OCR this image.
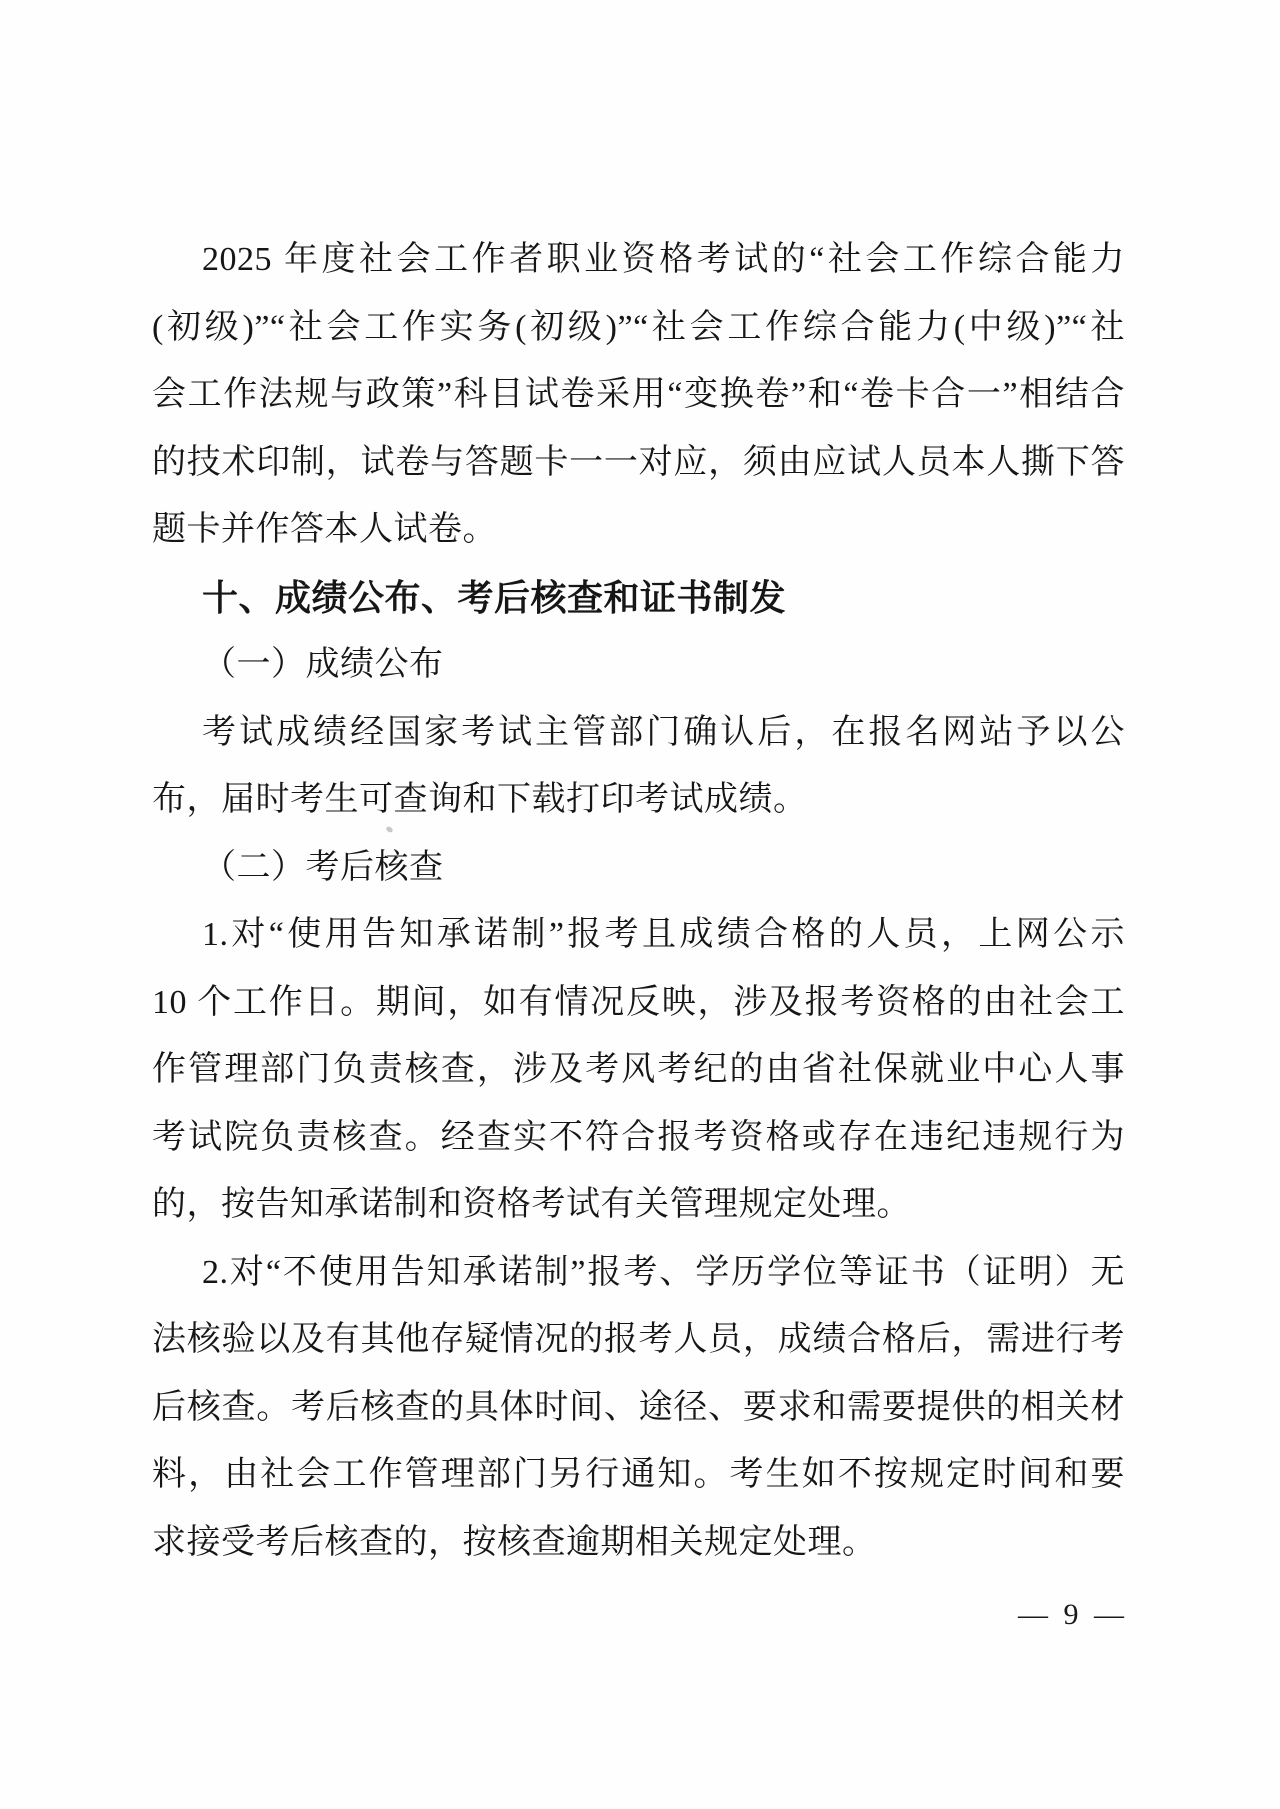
2025 年度社会工作者职业资格考试的“社会工作综合能力
(初级)”“社会工作实务(初级)”“社会工作综合能力(中级)”“社
会工作法规与政策”科目试卷采用“变换卷”和“卷卡合一”相结合
的技术印制，试卷与答题卡一一对应，须由应试人员本人撕下答
题卡并作答本人试卷。
十、成绩公布、考后核查和证书制发
（一）成绩公布
考试成绩经国家考试主管部门确认后，在报名网站予以公
布，届时考生可查询和下载打印考试成绩。
（二）考后核查
1.对“使用告知承诺制”报考且成绩合格的人员，上网公示
10 个工作日。期间，如有情况反映，涉及报考资格的由社会工
作管理部门负责核查，涉及考风考纪的由省社保就业中心人事
考试院负责核查。经查实不符合报考资格或存在违纪违规行为
的，按告知承诺制和资格考试有关管理规定处理。
2.对“不使用告知承诺制”报考、学历学位等证书（证明）无
法核验以及有其他存疑情况的报考人员，成绩合格后，需进行考
后核查。考后核查的具体时间、途径、要求和需要提供的相关材
料，由社会工作管理部门另行通知。考生如不按规定时间和要
求接受考后核查的，按核查逾期相关规定处理。
— 9 —
